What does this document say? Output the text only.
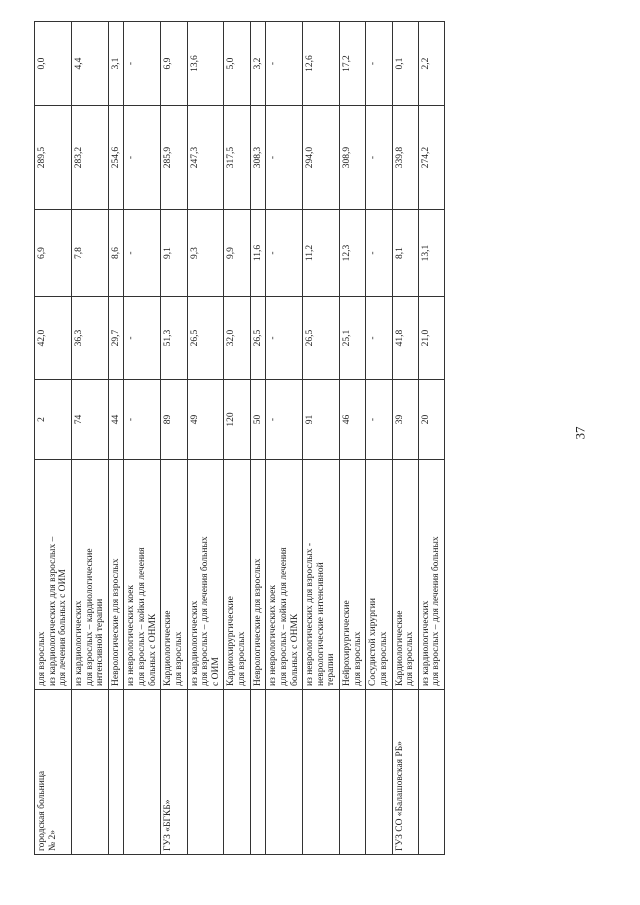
37
городская больница № 2»	для взрослых из кардиологических для взрослых – для лечения больных с ОИМ	2	42,0	6,9	289,5	0,0

	из кардиологических для взрослых – кардиологические интенсивной терапии	74	36,3	7,8	283,2	4,4

	Неврологические для взрослых	44	29,7	8,6	254,6	3,1

	из неврологических коек для взрослых – койки для лечения больных с ОНМК	-	-	-	-	-

ГУЗ «БГКБ»	Кардиологические для взрослых	89	51,3	9,1	285,9	6,9

	из кардиологических для взрослых – для лечения больных с ОИМ	49	26,5	9,3	247,3	13,6

	Кардиохирургические для взрослых	120	32,0	9,9	317,5	5,0

	Неврологические для взрослых	50	26,5	11,6	308,3	3,2

	из неврологических коек для взрослых – койки для лечения больных с ОНМК	-	-	-	-	-

	из неврологических для взрослых - неврологические интенсивной терапии	91	26,5	11,2	294,0	12,6

	Нейрохирургические для взрослых	46	25,1	12,3	308,9	17,2

	Сосудистой хирургии для взрослых	-	-	-	-	-

ГУЗ СО «Балашовская РБ»	Кардиологические для взрослых	39	41,8	8,1	339,8	0,1

	из кардиологических для взрослых – для лечения больных	20	21,0	13,1	274,2	2,2
